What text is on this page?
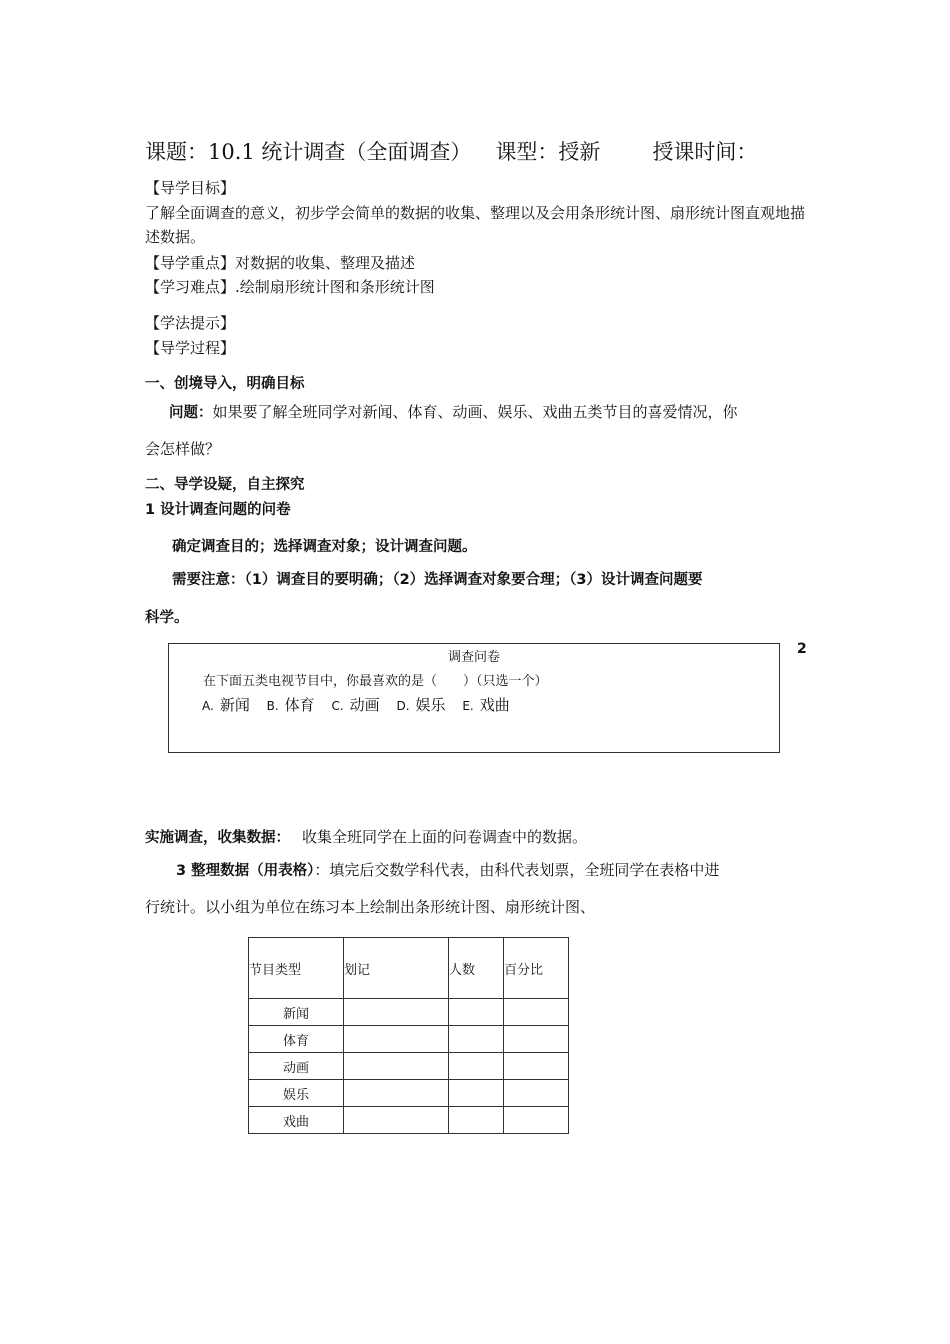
课题：10.1 统计调查（全面调查） 课型：授新 授课时间：
【导学目标】
了解全面调查的意义，初步学会简单的数据的收集、整理以及会用条形统计图、扇形统计图直观地描述数据。
【导学重点】对数据的收集、整理及描述
【学习难点】.绘制扇形统计图和条形统计图
【学法提示】
【导学过程】
一、创境导入，明确目标
问题：如果要了解全班同学对新闻、体育、动画、娱乐、戏曲五类节目的喜爱情况，你
会怎样做？
二、导学设疑，自主探究
1 设计调查问题的问卷
确定调查目的；选择调查对象；设计调查问题。
需要注意：（1）调查目的要明确；（2）选择调查对象要合理；（3）设计调查问题要
科学。
调查问卷
在下面五类电视节目中，你最喜欢的是（　　）（只选一个）
A. 新闻 B. 体育 C. 动画 D. 娱乐 E. 戏曲
2
实施调查，收集数据： 收集全班同学在上面的问卷调查中的数据。
3 整理数据（用表格）：填完后交数学科代表，由科代表划票，全班同学在表格中进
行统计。以小组为单位在练习本上绘制出条形统计图、扇形统计图、
节目类型	划记	人数	百分比

新闻			

体育			

动画			

娱乐			

戏曲			
